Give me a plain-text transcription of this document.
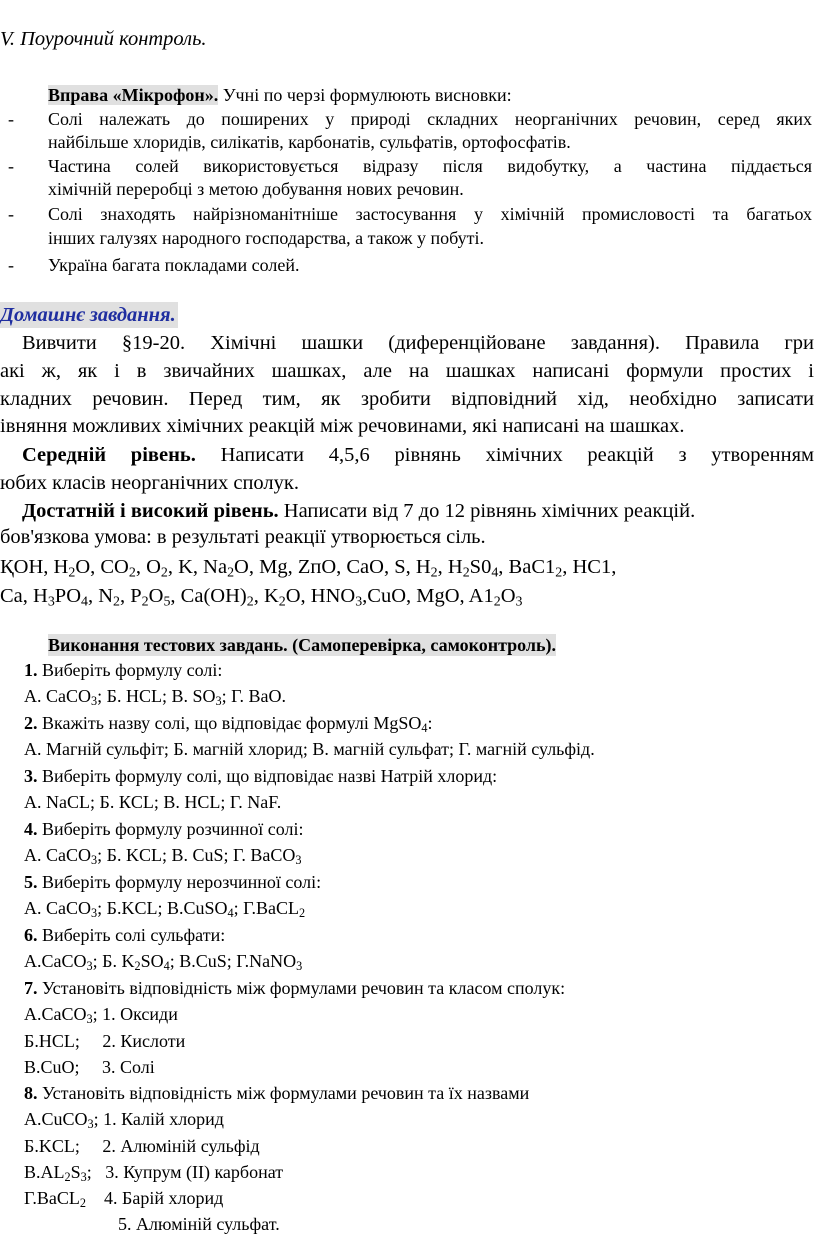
V. Поурочний контроль.
Вправа «Мікрофон». Учні по черзі формулюють висновки:
- Солі належать до поширених у природі складних неорганічних речовин, серед яких
найбільше хлоридів, силікатів, карбонатів, сульфатів, ортофосфатів.
- Частина солей використовується відразу після видобутку, а частина піддається
хімічній переробці з метою добування нових речовин.
- Солі знаходять найрізноманітніше застосування у хімічній промисловості та багатьох
інших галузях народного господарства, а також у побуті.
- Україна багата покладами солей.
Домашнє завдання.
Вивчити §19-20. Хімічні шашки (диференційоване завдання). Правила гри
акі ж, як і в звичайних шашках, але на шашках написані формули простих і
кладних речовин. Перед тим, як зробити відповідний хід, необхідно записати
івняння можливих хімічних реакцій між речовинами, які написані на шашках.
Середній рівень. Написати 4,5,6 рівнянь хімічних реакцій з утворенням
юбих класів неорганічних сполук.
Достатній і високий рівень. Написати від 7 до 12 рівнянь хімічних реакцій.
бов'язкова умова: в результаті реакції утворюється сіль.
ҚOH, $H_2O$, $CO_2$, $O_2$, K, $Na_2O$, Mg, ZпO, CaO, S, $H_2$, $H_2S0_4$, $BaC1_2$, HC1,
Ca, $H_3PO_4$, $N_2$, $P_2O_5$, $Ca(OH)_2$, $K_2O$, $HNO_3,CuO$, MgO, $A1_2O_3$
Виконання тестових завдань. (Самоперевірка, самоконтроль).
1. Виберіть формулу солі:
А. CaCO$_3$; Б. HCL; В. $SO_3$; Г. BaO.
2. Вкажіть назву солі, що відповідає формулі MgSO$_4$:
А. Магній сульфіт; Б. магній хлорид; В. магній сульфат; Г. магній сульфід.
3. Виберіть формулу солі, що відповідає назві Натрій хлорид:
А. NaCL; Б. КCL; В. HCL; Г. NaF.
4. Виберіть формулу розчинної солі:
А. CaCO$_3$; Б. KCL; В. CuS; Г. BaCO$_3$
5. Виберіть формулу нерозчинної солі:
А. CaCO$_3$; Б.KCL; В.CuSO$_4$; Г.BaCL$_2$
6. Виберіть солі сульфати:
А.CaCO$_3$; Б. $K_2SO_4$; В.CuS; Г.NaNO$_3$
7. Установіть відповідність між формулами речовин та класом сполук:
А.CaCO$_3$; 1. Оксиди
Б.HCL;     2. Кислоти
В.CuO;     3. Солі
8. Установіть відповідність між формулами речовин та їх назвами
А.CuCO$_3$; 1. Калій хлорид
Б.KCL;     2. Алюміній сульфід
$В.AL_2S_3$;   3. Купрум (ІІ) карбонат
Г.BaCL$_2$ 4. Барій хлорид
5. Алюміній сульфат.
